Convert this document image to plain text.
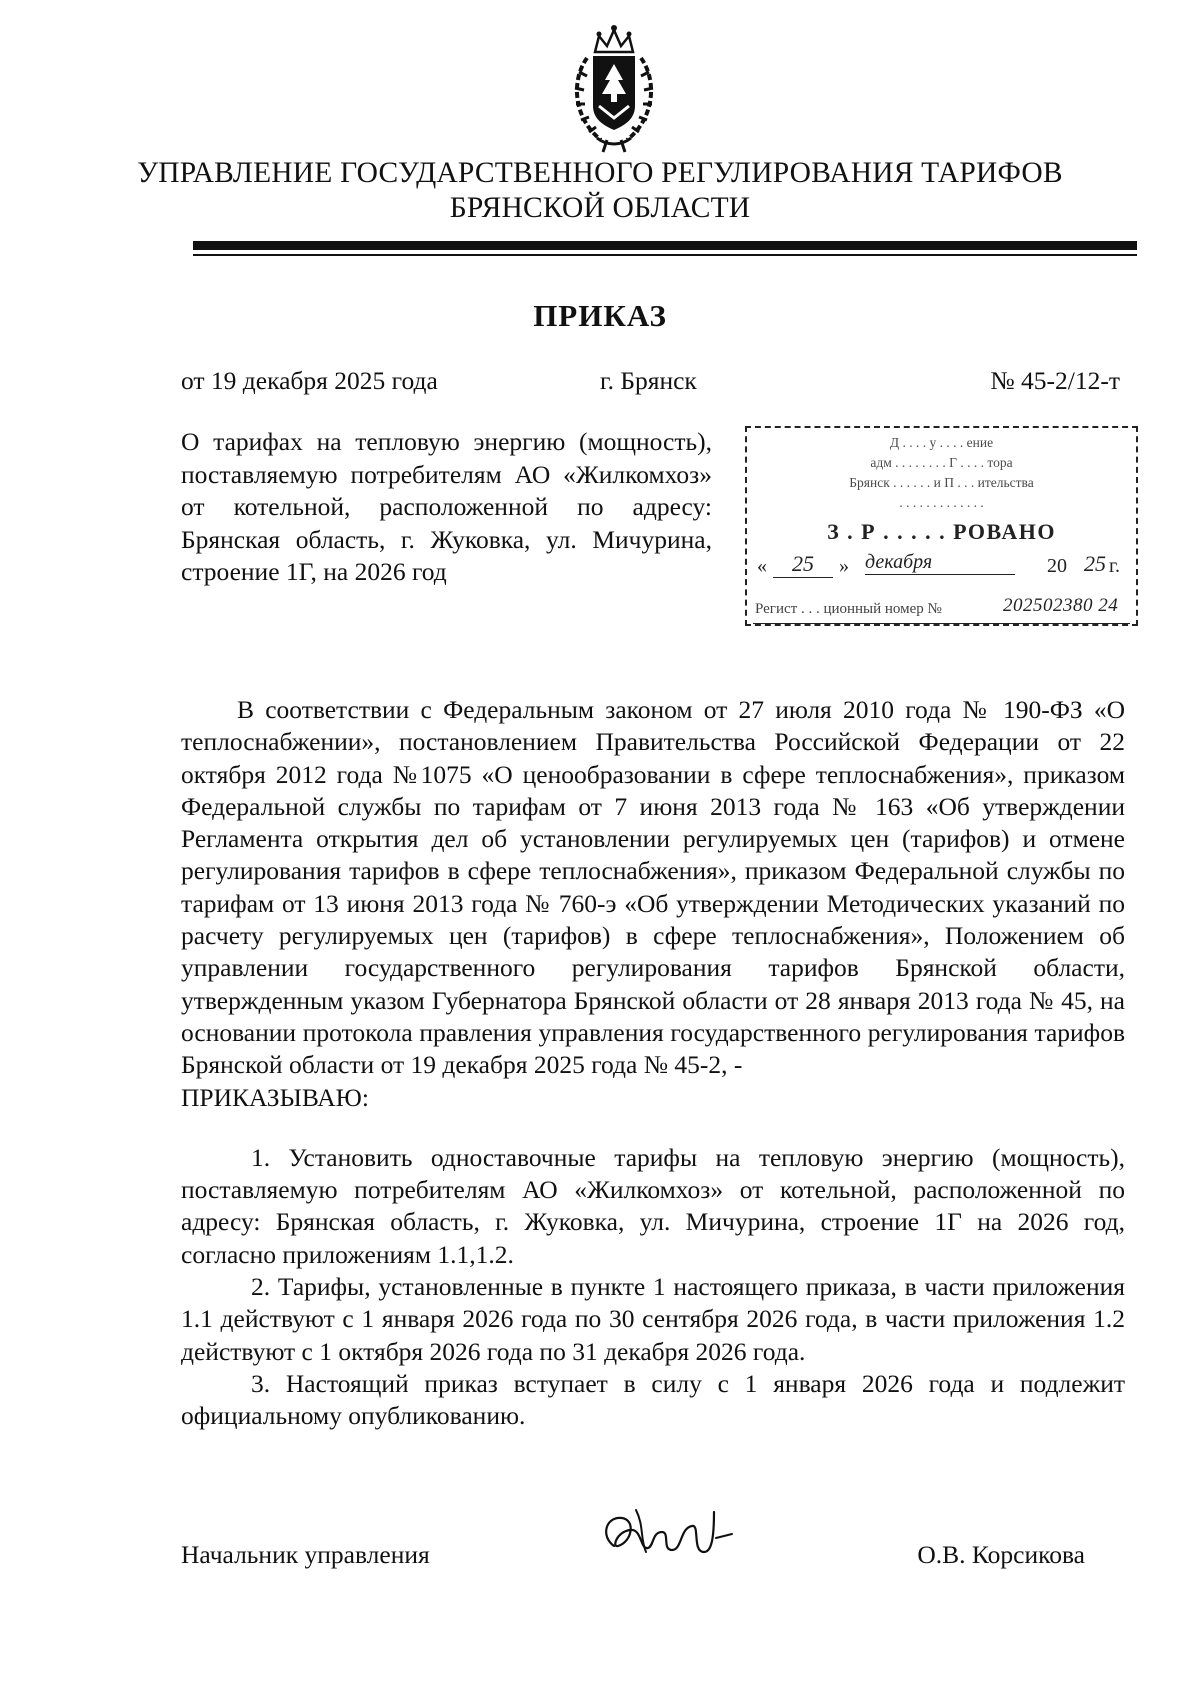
УПРАВЛЕНИЕ ГОСУДАРСТВЕННОГО РЕГУЛИРОВАНИЯ ТАРИФОВ
БРЯНСКОЙ ОБЛАСТИ
ПРИКАЗ
от 19 декабря 2025 года	г. Брянск	№ 45-2/12-т
О тарифах на тепловую энергию (мощность), поставляемую потребителям АО «Жилкомхоз» от котельной, расположенной по адресу: Брянская область, г. Жуковка, ул. Мичурина, строение 1Г, на 2026 год
Д . . . . у . . . . ение
адм . . . . . . . . Г . . . . тора
Брянск . . . . . . и П . . . ительства
. . . . . . . . . . . . .
З . Р . . . . . РОВАНО
«	25	» декабря	20 25 г.
Регист . . . ционный номер №	202502380 24

В соответствии с Федеральным законом от 27 июля 2010 года № 190-ФЗ «О теплоснабжении», постановлением Правительства Российской Федерации от 22 октября 2012 года №1075 «О ценообразовании в сфере теплоснабжения», приказом Федеральной службы по тарифам от 7 июня 2013 года № 163 «Об утверждении Регламента открытия дел об установлении регулируемых цен (тарифов) и отмене регулирования тарифов в сфере теплоснабжения», приказом Федеральной службы по тарифам от 13 июня 2013 года № 760-э «Об утверждении Методических указаний по расчету регулируемых цен (тарифов) в сфере теплоснабжения», Положением об управлении государственного регулирования тарифов Брянской области, утвержденным указом Губернатора Брянской области от 28 января 2013 года № 45, на основании протокола правления управления государственного регулирования тарифов Брянской области от 19 декабря 2025 года № 45-2, -
ПРИКАЗЫВАЮ:

1. Установить одноставочные тарифы на тепловую энергию (мощность), поставляемую потребителям АО «Жилкомхоз» от котельной, расположенной по адресу: Брянская область, г. Жуковка, ул. Мичурина, строение 1Г на 2026 год, согласно приложениям 1.1,1.2.

2. Тарифы, установленные в пункте 1 настоящего приказа, в части приложения 1.1 действуют с 1 января 2026 года по 30 сентября 2026 года, в части приложения 1.2 действуют с 1 октября 2026 года по 31 декабря 2026 года.

3. Настоящий приказ вступает в силу с 1 января 2026 года и подлежит официальному опубликованию.

Начальник управления	О.В. Корсикова
